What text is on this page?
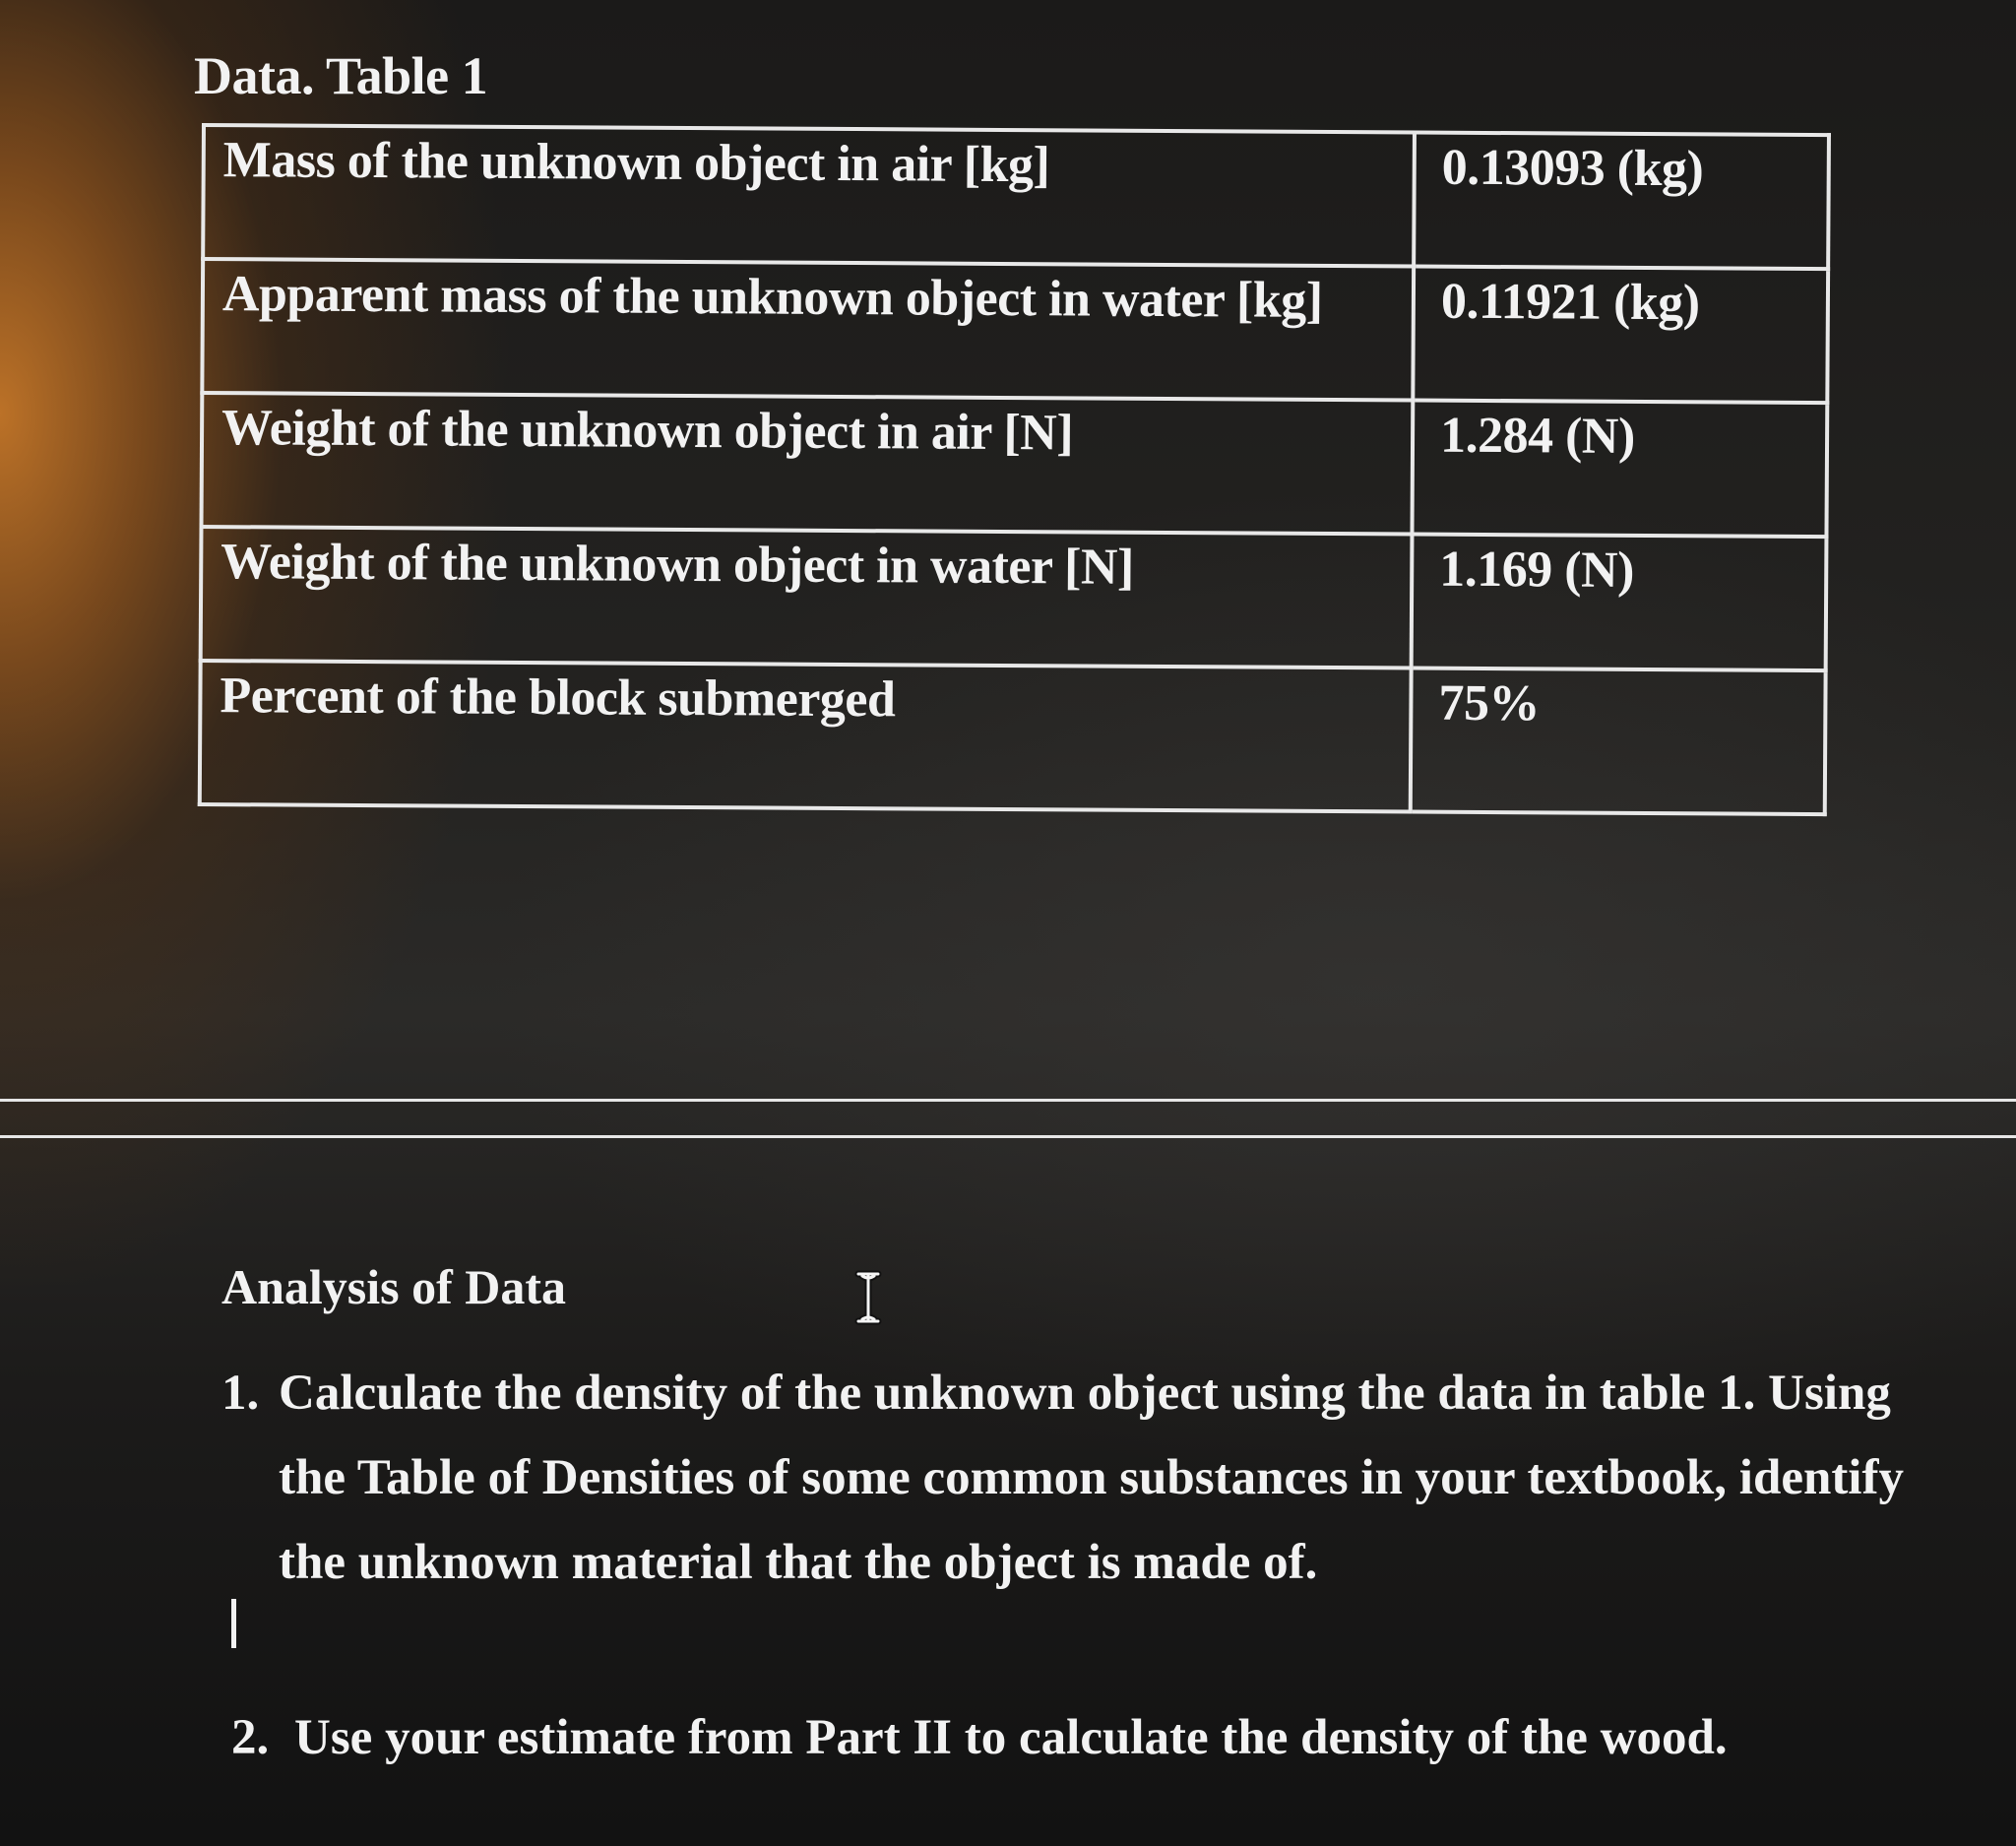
Data. Table 1
Mass of the unknown object in air [kg]	0.13093 (kg)
Apparent mass of the unknown object in water [kg]	0.11921 (kg)
Weight of the unknown object in air [N]	1.284 (N)
Weight of the unknown object in water [N]	1.169 (N)
Percent of the block submerged	75%
Analysis of Data
1. Calculate the density of the unknown object using the data in table 1. Using the Table of Densities of some common substances in your textbook, identify the unknown material that the object is made of.
2. Use your estimate from Part II to calculate the density of the wood.
